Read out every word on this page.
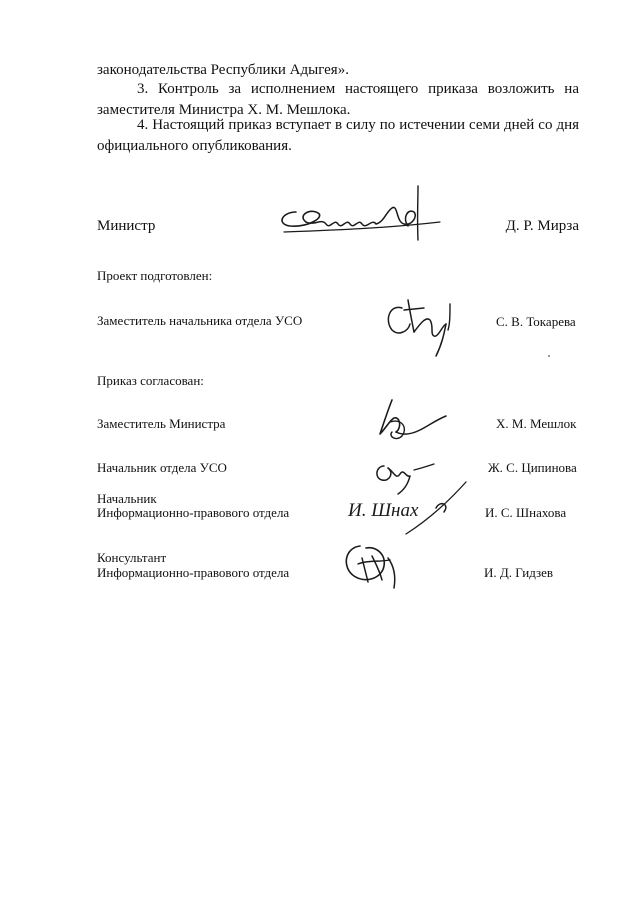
законодательства Республики Адыгея».
3. Контроль за исполнением настоящего приказа возложить на
заместителя Министра Х. М. Мешлока.
4. Настоящий приказ вступает в силу по истечении семи дней со дня
официального опубликования.
Министр	Д. Р. Мирза
Проект подготовлен:
Заместитель начальника отдела УСО	С. В. Токарева
Приказ согласован:
Заместитель Министра	Х. М. Мешлок
Начальник отдела УСО	Ж. С. Ципинова
Начальник
Информационно-правового отдела	И. Шнах	И. С. Шнахова
Консультант
Информационно-правового отдела	И. Д. Гидзев
